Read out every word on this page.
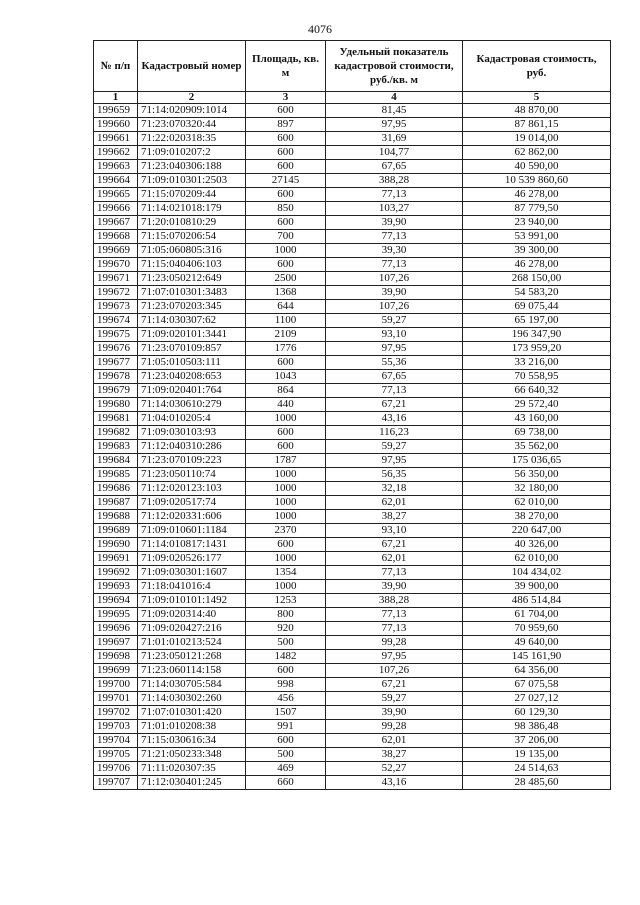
4076
№ п/п	Кадастровый номер	Площадь, кв. м	Удельный показатель кадастровой стоимости, руб./кв. м	Кадастровая стоимость, руб.
1	2	3	4	5
199659	71:14:020909:1014	600	81,45	48 870,00
199660	71:23:070320:44	897	97,95	87 861,15
199661	71:22:020318:35	600	31,69	19 014,00
199662	71:09:010207:2	600	104,77	62 862,00
199663	71:23:040306:188	600	67,65	40 590,00
199664	71:09:010301:2503	27145	388,28	10 539 860,60
199665	71:15:070209:44	600	77,13	46 278,00
199666	71:14:021018:179	850	103,27	87 779,50
199667	71:20:010810:29	600	39,90	23 940,00
199668	71:15:070206:54	700	77,13	53 991,00
199669	71:05:060805:316	1000	39,30	39 300,00
199670	71:15:040406:103	600	77,13	46 278,00
199671	71:23:050212:649	2500	107,26	268 150,00
199672	71:07:010301:3483	1368	39,90	54 583,20
199673	71:23:070203:345	644	107,26	69 075,44
199674	71:14:030307:62	1100	59,27	65 197,00
199675	71:09:020101:3441	2109	93,10	196 347,90
199676	71:23:070109:857	1776	97,95	173 959,20
199677	71:05:010503:111	600	55,36	33 216,00
199678	71:23:040208:653	1043	67,65	70 558,95
199679	71:09:020401:764	864	77,13	66 640,32
199680	71:14:030610:279	440	67,21	29 572,40
199681	71:04:010205:4	1000	43,16	43 160,00
199682	71:09:030103:93	600	116,23	69 738,00
199683	71:12:040310:286	600	59,27	35 562,00
199684	71:23:070109:223	1787	97,95	175 036,65
199685	71:23:050110:74	1000	56,35	56 350,00
199686	71:12:020123:103	1000	32,18	32 180,00
199687	71:09:020517:74	1000	62,01	62 010,00
199688	71:12:020331:606	1000	38,27	38 270,00
199689	71:09:010601:1184	2370	93,10	220 647,00
199690	71:14:010817:1431	600	67,21	40 326,00
199691	71:09:020526:177	1000	62,01	62 010,00
199692	71:09:030301:1607	1354	77,13	104 434,02
199693	71:18:041016:4	1000	39,90	39 900,00
199694	71:09:010101:1492	1253	388,28	486 514,84
199695	71:09:020314:40	800	77,13	61 704,00
199696	71:09:020427:216	920	77,13	70 959,60
199697	71:01:010213:524	500	99,28	49 640,00
199698	71:23:050121:268	1482	97,95	145 161,90
199699	71:23:060114:158	600	107,26	64 356,00
199700	71:14:030705:584	998	67,21	67 075,58
199701	71:14:030302:260	456	59,27	27 027,12
199702	71:07:010301:420	1507	39,90	60 129,30
199703	71:01:010208:38	991	99,28	98 386,48
199704	71:15:030616:34	600	62,01	37 206,00
199705	71:21:050233:348	500	38,27	19 135,00
199706	71:11:020307:35	469	52,27	24 514,63
199707	71:12:030401:245	660	43,16	28 485,60
